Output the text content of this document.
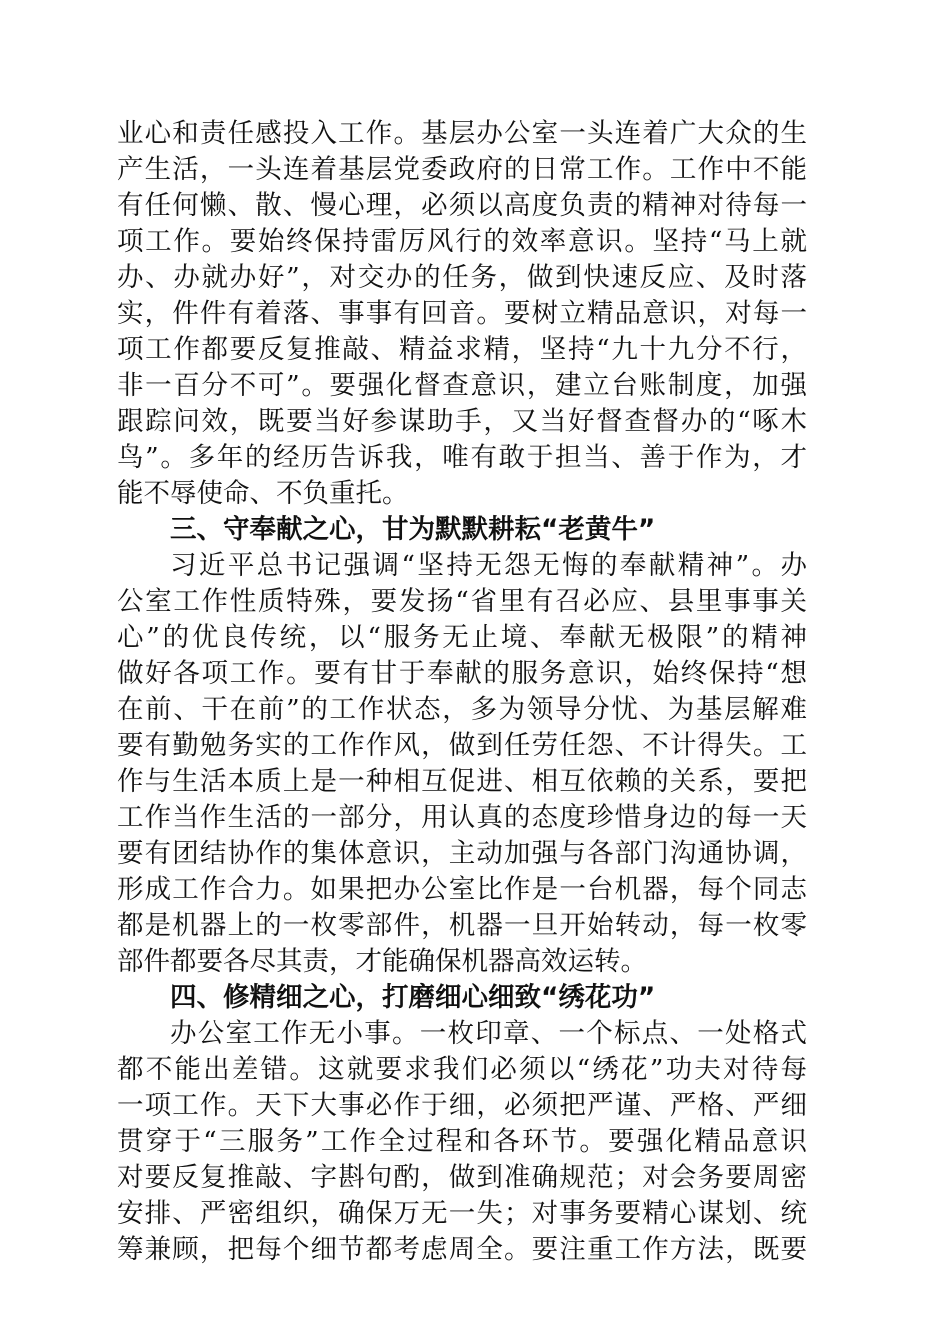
业心和责任感投入工作。基层办公室一头连着广大众的生
产生活，一头连着基层党委政府的日常工作。工作中不能
有任何懒、散、慢心理，必须以高度负责的精神对待每一
项工作。要始终保持雷厉风行的效率意识。坚持“马上就
办、办就办好”，对交办的任务，做到快速反应、及时落
实，件件有着落、事事有回音。要树立精品意识，对每一
项工作都要反复推敲、精益求精，坚持“九十九分不行，
非一百分不可”。要强化督查意识，建立台账制度，加强
跟踪问效，既要当好参谋助手，又当好督查督办的“啄木
鸟”。多年的经历告诉我，唯有敢于担当、善于作为，才
能不辱使命、不负重托。
三、守奉献之心，甘为默默耕耘“老黄牛”
习近平总书记强调“坚持无怨无悔的奉献精神”。办
公室工作性质特殊，要发扬“省里有召必应、县里事事关
心”的优良传统，以“服务无止境、奉献无极限”的精神
做好各项工作。要有甘于奉献的服务意识，始终保持“想
在前、干在前”的工作状态，多为领导分忧、为基层解难
要有勤勉务实的工作作风，做到任劳任怨、不计得失。工
作与生活本质上是一种相互促进、相互依赖的关系，要把
工作当作生活的一部分，用认真的态度珍惜身边的每一天
要有团结协作的集体意识，主动加强与各部门沟通协调，
形成工作合力。如果把办公室比作是一台机器，每个同志
都是机器上的一枚零部件，机器一旦开始转动，每一枚零
部件都要各尽其责，才能确保机器高效运转。
四、修精细之心，打磨细心细致“绣花功”
办公室工作无小事。一枚印章、一个标点、一处格式
都不能出差错。这就要求我们必须以“绣花”功夫对待每
一项工作。天下大事必作于细，必须把严谨、严格、严细
贯穿于“三服务”工作全过程和各环节。要强化精品意识
对要反复推敲、字斟句酌，做到准确规范；对会务要周密
安排、严密组织，确保万无一失；对事务要精心谋划、统
筹兼顾，把每个细节都考虑周全。要注重工作方法，既要
